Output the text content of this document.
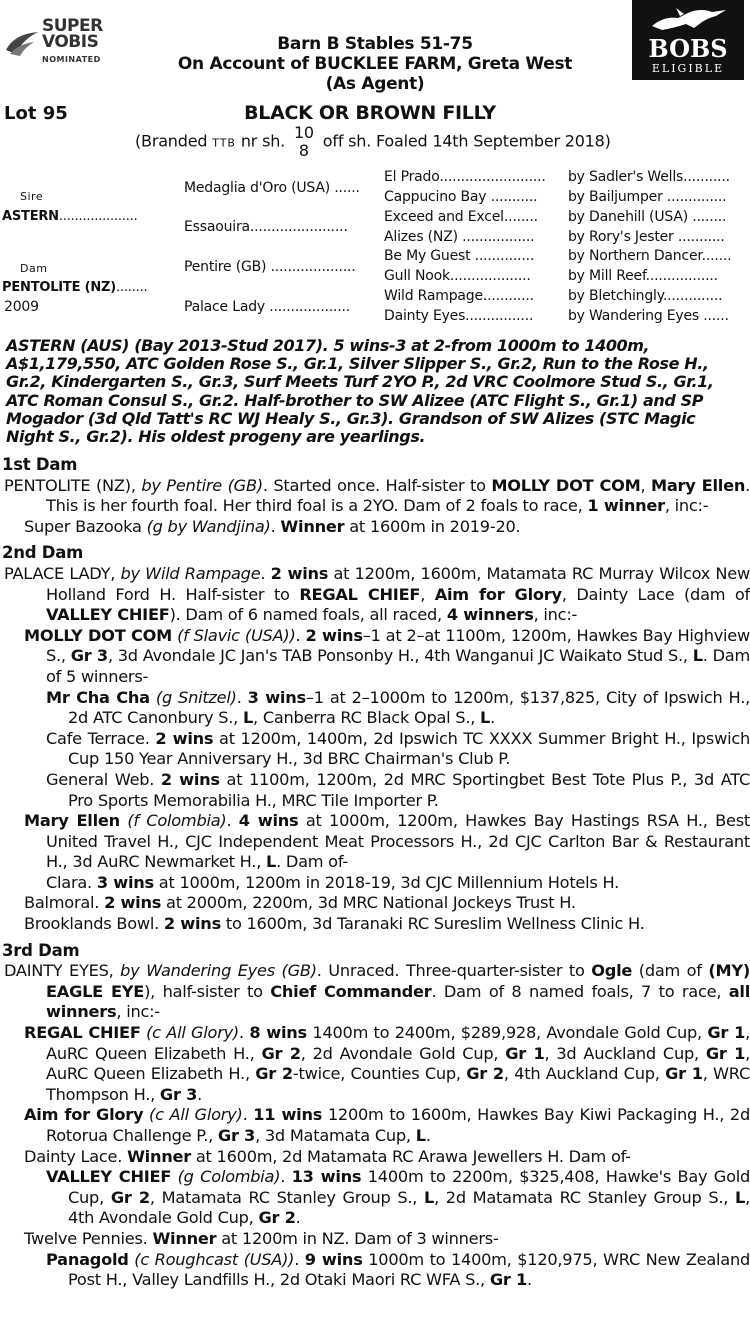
SUPER
VOBIS
NOMINATED	BOBS
ELIGIBLE
Barn B Stables 51-75
On Account of BUCKLEE FARM, Greta West
(As Agent)
Lot 95	BLACK OR BROWN FILLY
(Branded TTB nr sh. 10
8 off sh. Foaled 14th September 2018)
Sire
ASTERN....................
Dam
PENTOLITE (NZ)........
2009
Medaglia d'Oro (USA) ......
Essaouira.......................
Pentire (GB) ....................
Palace Lady ...................
El Prado.........................
Cappucino Bay ...........
Exceed and Excel........
Alizes (NZ) .................
Be My Guest ..............
Gull Nook...................
Wild Rampage............
Dainty Eyes................
by Sadler's Wells...........
by Bailjumper ..............
by Danehill (USA) ........
by Rory's Jester ...........
by Northern Dancer.......
by Mill Reef.................
by Bletchingly..............
by Wandering Eyes ......
ASTERN (AUS) (Bay 2013-Stud 2017). 5 wins-3 at 2-from 1000m to 1400m, A$1,179,550, ATC Golden Rose S., Gr.1, Silver Slipper S., Gr.2, Run to the Rose H., Gr.2, Kindergarten S., Gr.3, Surf Meets Turf 2YO P., 2d VRC Coolmore Stud S., Gr.1, ATC Roman Consul S., Gr.2. Half-brother to SW Alizee (ATC Flight S., Gr.1) and SP Mogador (3d Qld Tatt's RC WJ Healy S., Gr.3). Grandson of SW Alizes (STC Magic Night S., Gr.2). His oldest progeny are yearlings.

1st Dam

PENTOLITE (NZ), by Pentire (GB). Started once. Half-sister to MOLLY DOT COM, Mary Ellen. This is her fourth foal. Her third foal is a 2YO. Dam of 2 foals to race, 1 winner, inc:-

Super Bazooka (g by Wandjina). Winner at 1600m in 2019-20.

2nd Dam

PALACE LADY, by Wild Rampage. 2 wins at 1200m, 1600m, Matamata RC Murray Wilcox New Holland Ford H. Half-sister to REGAL CHIEF, Aim for Glory, Dainty Lace (dam of VALLEY CHIEF). Dam of 6 named foals, all raced, 4 winners, inc:-

MOLLY DOT COM (f Slavic (USA)). 2 wins–1 at 2–at 1100m, 1200m, Hawkes Bay Highview S., Gr 3, 3d Avondale JC Jan's TAB Ponsonby H., 4th Wanganui JC Waikato Stud S., L. Dam of 5 winners-

Mr Cha Cha (g Snitzel). 3 wins–1 at 2–1000m to 1200m, $137,825, City of Ipswich H., 2d ATC Canonbury S., L, Canberra RC Black Opal S., L.

Cafe Terrace. 2 wins at 1200m, 1400m, 2d Ipswich TC XXXX Summer Bright H., Ipswich Cup 150 Year Anniversary H., 3d BRC Chairman's Club P.

General Web. 2 wins at 1100m, 1200m, 2d MRC Sportingbet Best Tote Plus P., 3d ATC Pro Sports Memorabilia H., MRC Tile Importer P.

Mary Ellen (f Colombia). 4 wins at 1000m, 1200m, Hawkes Bay Hastings RSA H., Best United Travel H., CJC Independent Meat Processors H., 2d CJC Carlton Bar & Restaurant H., 3d AuRC Newmarket H., L. Dam of-

Clara. 3 wins at 1000m, 1200m in 2018-19, 3d CJC Millennium Hotels H.

Balmoral. 2 wins at 2000m, 2200m, 3d MRC National Jockeys Trust H.

Brooklands Bowl. 2 wins to 1600m, 3d Taranaki RC Sureslim Wellness Clinic H.

3rd Dam

DAINTY EYES, by Wandering Eyes (GB). Unraced. Three-quarter-sister to Ogle (dam of (MY) EAGLE EYE), half-sister to Chief Commander. Dam of 8 named foals, 7 to race, all winners, inc:-

REGAL CHIEF (c All Glory). 8 wins 1400m to 2400m, $289,928, Avondale Gold Cup, Gr 1, AuRC Queen Elizabeth H., Gr 2, 2d Avondale Gold Cup, Gr 1, 3d Auckland Cup, Gr 1, AuRC Queen Elizabeth H., Gr 2-twice, Counties Cup, Gr 2, 4th Auckland Cup, Gr 1, WRC Thompson H., Gr 3.

Aim for Glory (c All Glory). 11 wins 1200m to 1600m, Hawkes Bay Kiwi Packaging H., 2d Rotorua Challenge P., Gr 3, 3d Matamata Cup, L.

Dainty Lace. Winner at 1600m, 2d Matamata RC Arawa Jewellers H. Dam of-

VALLEY CHIEF (g Colombia). 13 wins 1400m to 2200m, $325,408, Hawke's Bay Gold Cup, Gr 2, Matamata RC Stanley Group S., L, 2d Matamata RC Stanley Group S., L, 4th Avondale Gold Cup, Gr 2.

Twelve Pennies. Winner at 1200m in NZ. Dam of 3 winners-

Panagold (c Roughcast (USA)). 9 wins 1000m to 1400m, $120,975, WRC New Zealand Post H., Valley Landfills H., 2d Otaki Maori RC WFA S., Gr 1.
